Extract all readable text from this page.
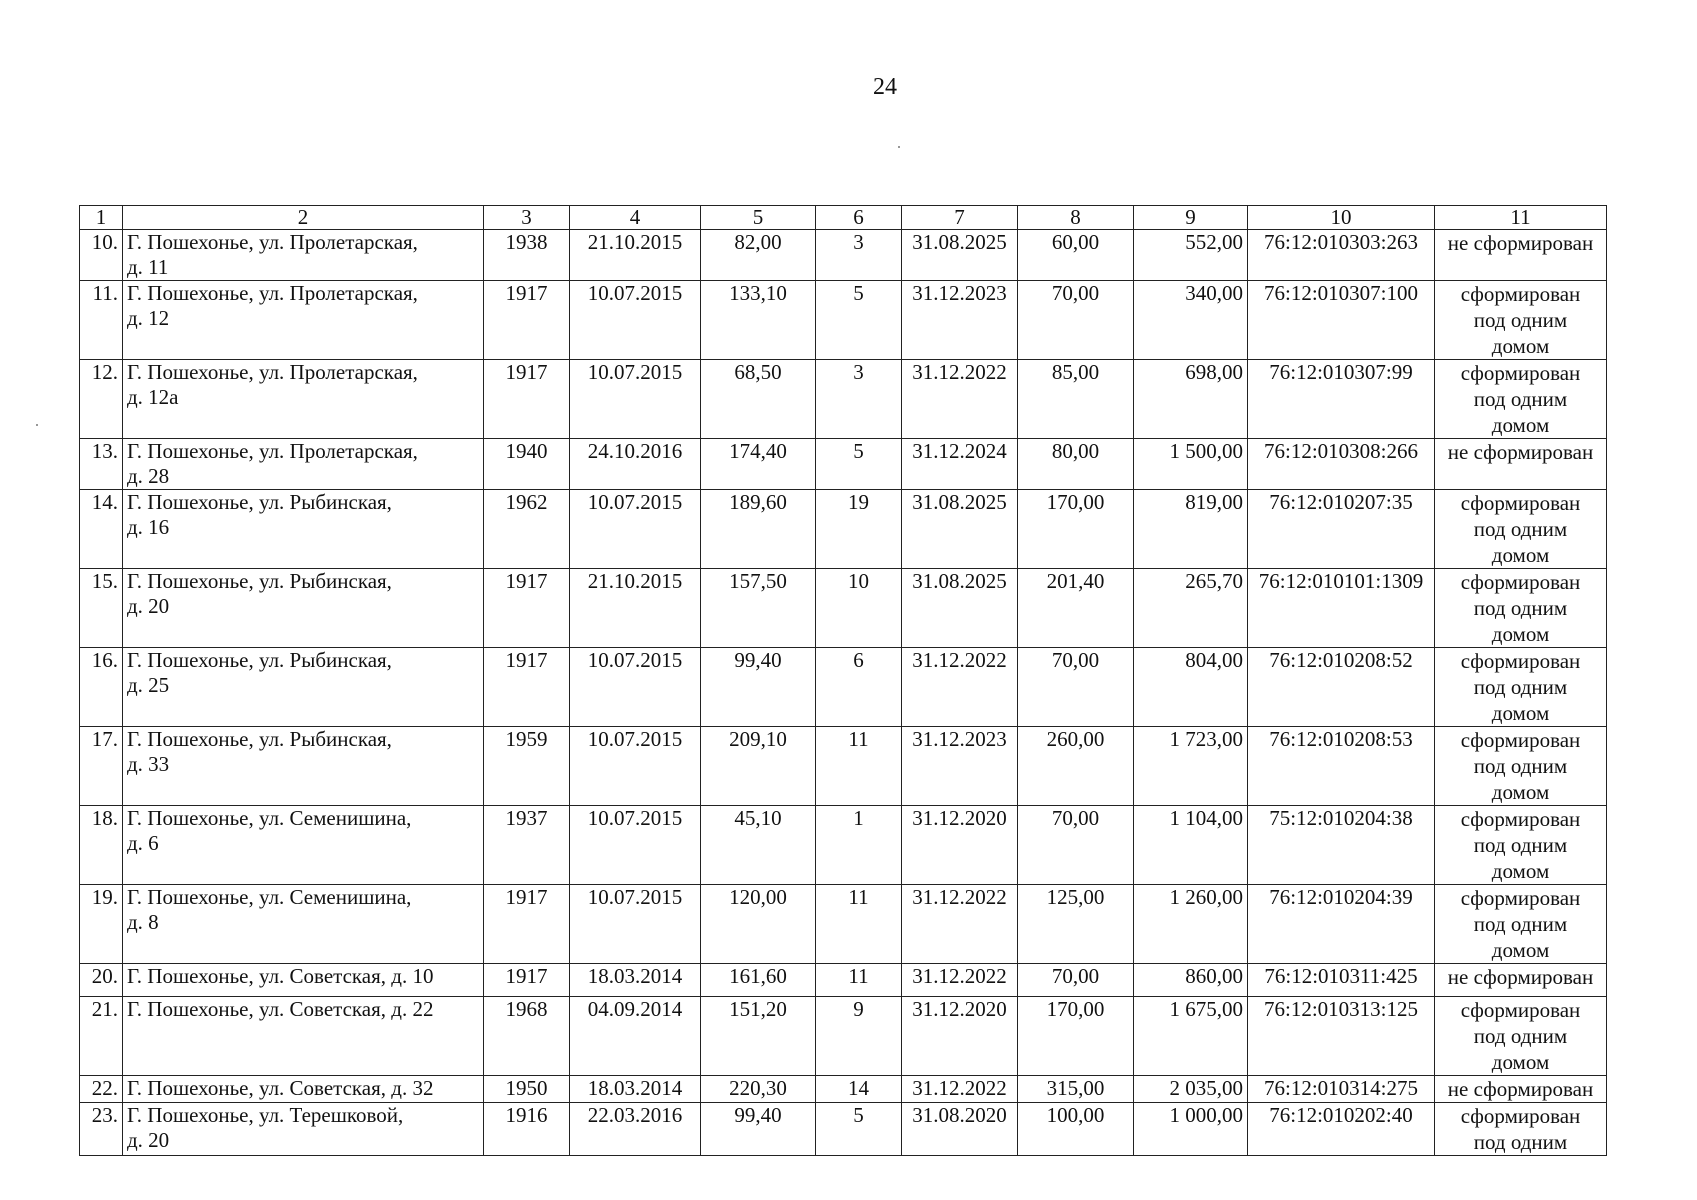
24
1	2	3	4	5	6	7	8	9	10	11
10.	Г. Пошехонье, ул. Пролетарская,
д. 11	1938	21.10.2015	82,00	3	31.08.2025	60,00	552,00	76:12:010303:263	не сформирован

11.	Г. Пошехонье, ул. Пролетарская,
д. 12	1917	10.07.2015	133,10	5	31.12.2023	70,00	340,00	76:12:010307:100	сформирован
под одним
домом

12.	Г. Пошехонье, ул. Пролетарская,
д. 12а	1917	10.07.2015	68,50	3	31.12.2022	85,00	698,00	76:12:010307:99	сформирован
под одним
домом

13.	Г. Пошехонье, ул. Пролетарская,
д. 28	1940	24.10.2016	174,40	5	31.12.2024	80,00	1 500,00	76:12:010308:266	не сформирован

14.	Г. Пошехонье, ул. Рыбинская,
д. 16	1962	10.07.2015	189,60	19	31.08.2025	170,00	819,00	76:12:010207:35	сформирован
под одним
домом

15.	Г. Пошехонье, ул. Рыбинская,
д. 20	1917	21.10.2015	157,50	10	31.08.2025	201,40	265,70	76:12:010101:1309	сформирован
под одним
домом

16.	Г. Пошехонье, ул. Рыбинская,
д. 25	1917	10.07.2015	99,40	6	31.12.2022	70,00	804,00	76:12:010208:52	сформирован
под одним
домом

17.	Г. Пошехонье, ул. Рыбинская,
д. 33	1959	10.07.2015	209,10	11	31.12.2023	260,00	1 723,00	76:12:010208:53	сформирован
под одним
домом

18.	Г. Пошехонье, ул. Семенишина,
д. 6	1937	10.07.2015	45,10	1	31.12.2020	70,00	1 104,00	75:12:010204:38	сформирован
под одним
домом

19.	Г. Пошехонье, ул. Семенишина,
д. 8	1917	10.07.2015	120,00	11	31.12.2022	125,00	1 260,00	76:12:010204:39	сформирован
под одним
домом

20.	Г. Пошехонье, ул. Советская, д. 10	1917	18.03.2014	161,60	11	31.12.2022	70,00	860,00	76:12:010311:425	не сформирован

21.	Г. Пошехонье, ул. Советская, д. 22	1968	04.09.2014	151,20	9	31.12.2020	170,00	1 675,00	76:12:010313:125	сформирован
под одним
домом

22.	Г. Пошехонье, ул. Советская, д. 32	1950	18.03.2014	220,30	14	31.12.2022	315,00	2 035,00	76:12:010314:275	не сформирован

23.	Г. Пошехонье, ул. Терешковой,
д. 20	1916	22.03.2016	99,40	5	31.08.2020	100,00	1 000,00	76:12:010202:40	сформирован
под одним
